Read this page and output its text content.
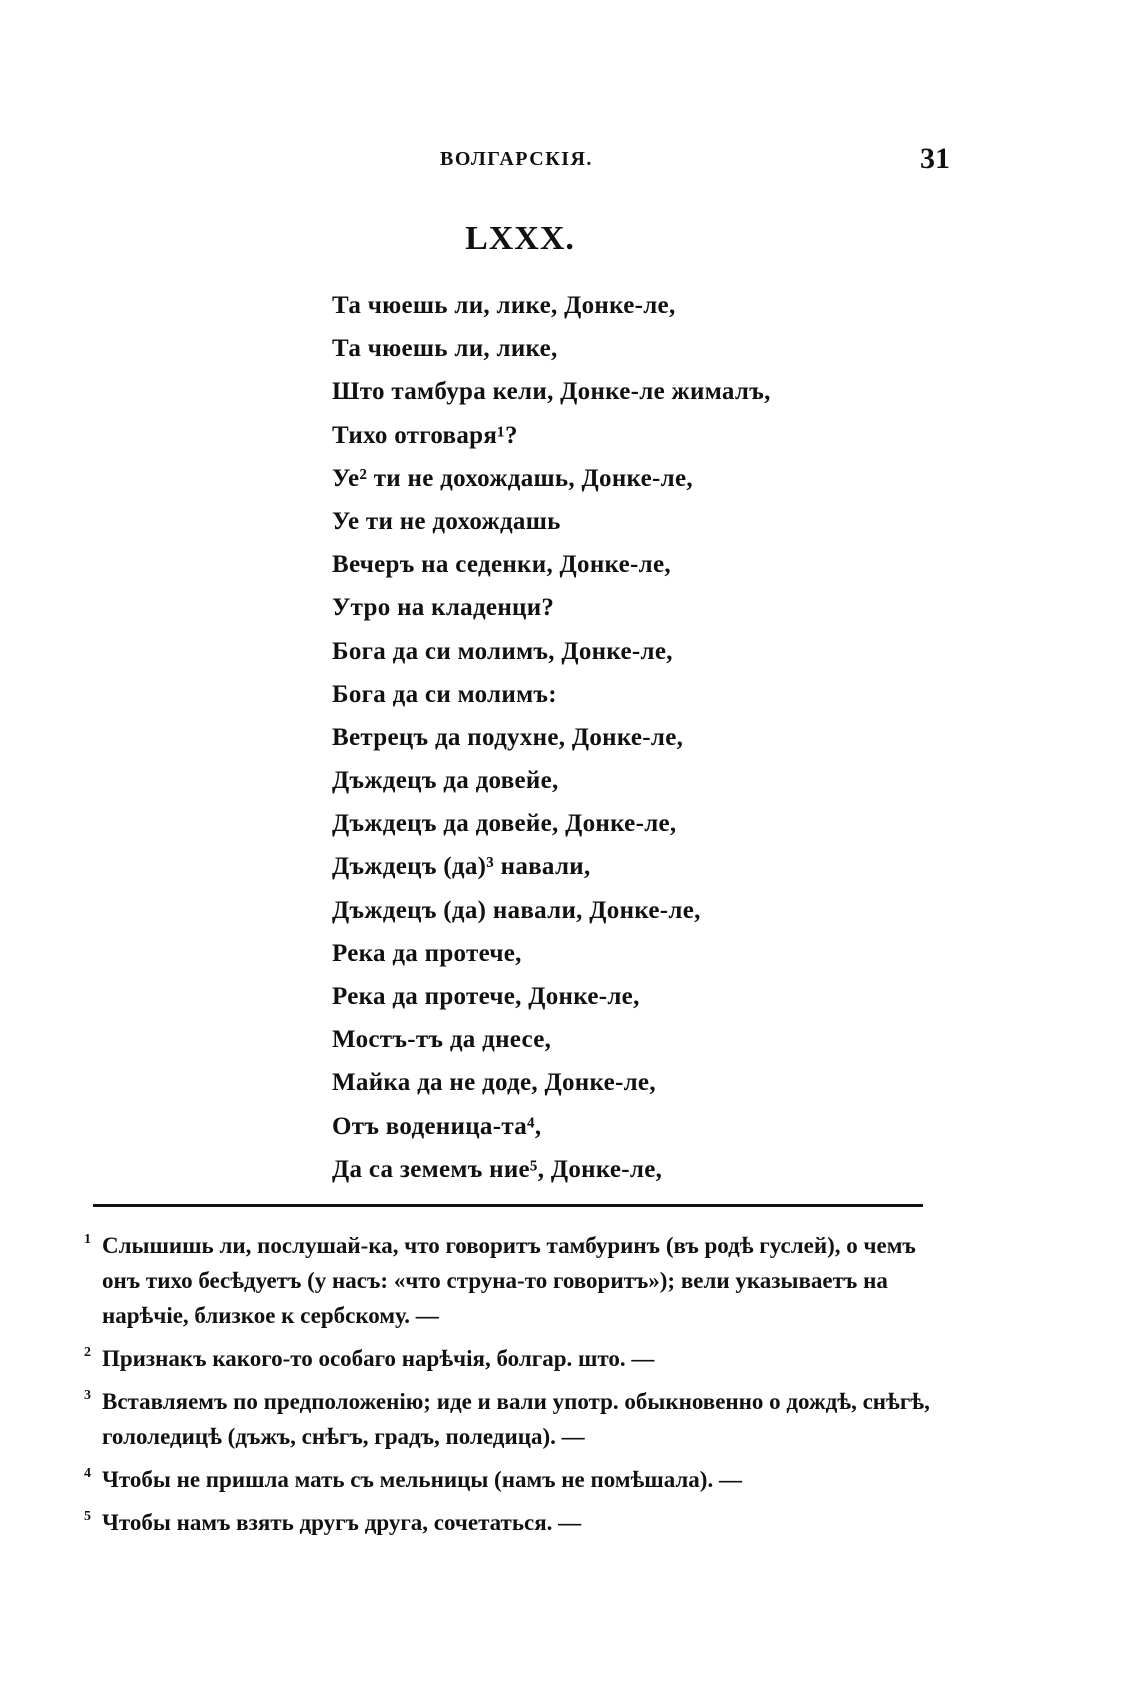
ВОЛГАРСКІЯ.	31
LXXX.
Та чюешь ли, лике, Донке-ле,
Та чюешь ли, лике,
Што тамбура кели, Донке-ле жималъ,
Тихо отговаря¹?
Уе² ти не дохождашь, Донке-ле,
Уе ти не дохождашь
Вечеръ на седенки, Донке-ле,
Утро на кладенци?
Бога да си молимъ, Донке-ле,
Бога да си молимъ:
Ветрецъ да подухне, Донке-ле,
Дъждецъ да довейе,
Дъждецъ да довейе, Донке-ле,
Дъждецъ (да)³ навали,
Дъждецъ (да) навали, Донке-ле,
Река да протече,
Река да протече, Донке-ле,
Мостъ-тъ да днесе,
Майка да не доде, Донке-ле,
Отъ воденица-та⁴,
Да са земемъ ние⁵, Донке-ле,
1 Слышишь ли, послушай-ка, что говоритъ тамбуринъ (въ родѣ гуслей), о чемъ онъ тихо бесѣдуетъ (у насъ: «что струна-то говоритъ»); вели указываетъ на нарѣчіе, близкое к сербскому. —
2 Признакъ какого-то особаго нарѣчія, болгар. што. —
3 Вставляемъ по предположенію; иде и вали употр. обыкновенно о дождѣ, снѣгѣ, гололедицѣ (дъжъ, снѣгъ, градъ, поледица). —
4 Чтобы не пришла мать съ мельницы (намъ не помѣшала). —
5 Чтобы намъ взять другъ друга, сочетаться. —
